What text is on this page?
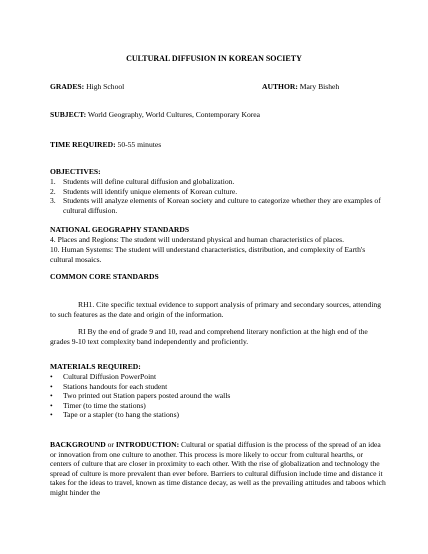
CULTURAL DIFFUSION IN KOREAN SOCIETY
GRADES: High School	AUTHOR: Mary Bisheh
SUBJECT: World Geography, World Cultures, Contemporary Korea
TIME REQUIRED: 50-55 minutes
OBJECTIVES:
1. Students will define cultural diffusion and globalization.
2. Students will identify unique elements of Korean culture.
3. Students will analyze elements of Korean society and culture to categorize whether they are examples of cultural diffusion.
NATIONAL GEOGRAPHY STANDARDS
4. Places and Regions: The student will understand physical and human characteristics of places.
10. Human Systems: The student will understand characteristics, distribution, and complexity of Earth's cultural mosaics.
COMMON CORE STANDARDS
RH1. Cite specific textual evidence to support analysis of primary and secondary sources, attending to such features as the date and origin of the information.
RI By the end of grade 9 and 10, read and comprehend literary nonfiction at the high end of the grades 9-10 text complexity band independently and proficiently.
MATERIALS REQUIRED:
• Cultural Diffusion PowerPoint
• Stations handouts for each student
• Two printed out Station papers posted around the walls
• Timer (to time the stations)
• Tape or a stapler (to hang the stations)
BACKGROUND or INTRODUCTION: Cultural or spatial diffusion is the process of the spread of an idea or innovation from one culture to another. This process is more likely to occur from cultural hearths, or centers of culture that are closer in proximity to each other. With the rise of globalization and technology the spread of culture is more prevalent than ever before. Barriers to cultural diffusion include time and distance it takes for the ideas to travel, known as time distance decay, as well as the prevailing attitudes and taboos which might hinder the
